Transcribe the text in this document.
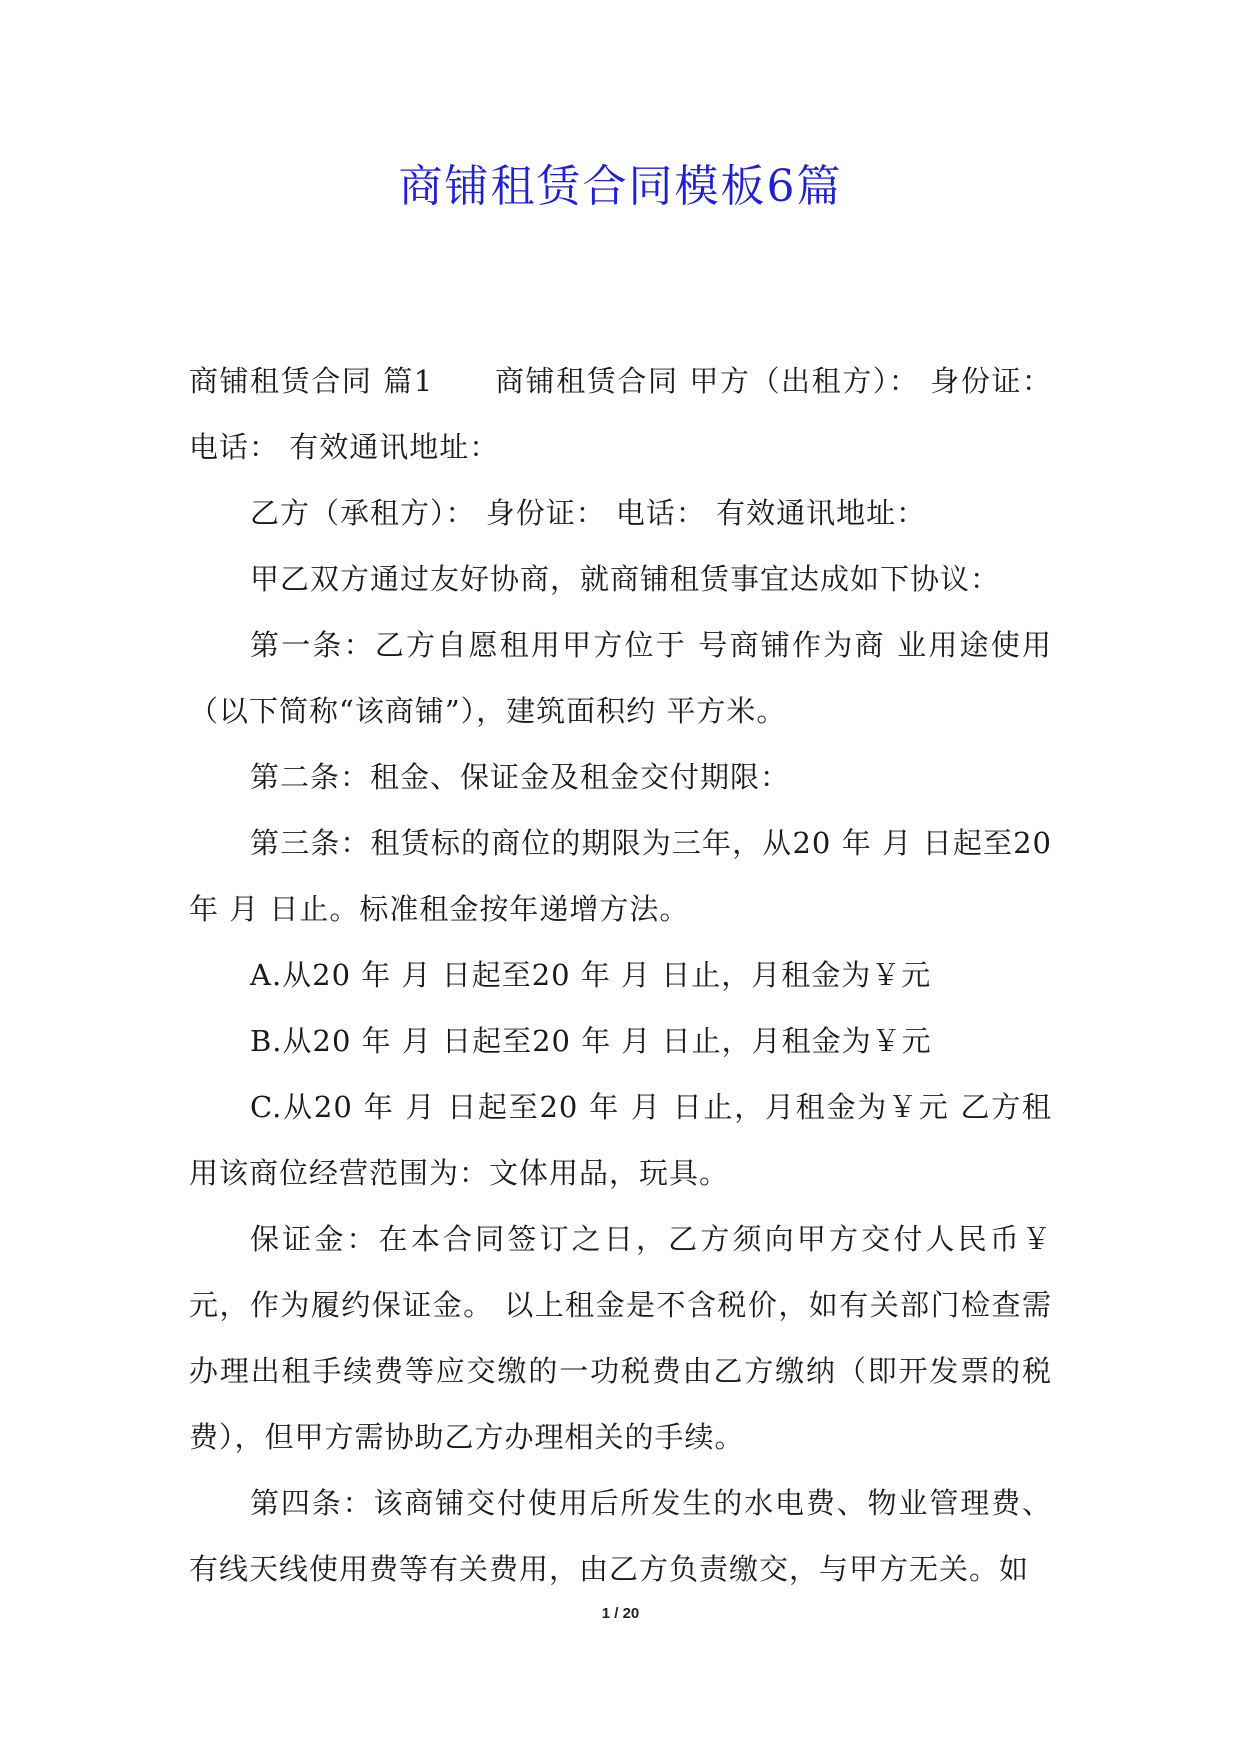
商铺租赁合同模板6篇

商铺租赁合同 篇1　　商铺租赁合同 甲方（出租方）： 身份证：电话： 有效通讯地址：

乙方（承租方）： 身份证： 电话： 有效通讯地址：

甲乙双方通过友好协商，就商铺租赁事宜达成如下协议：

第一条：乙方自愿租用甲方位于 号商铺作为商 业用途使用（以下简称“该商铺”），建筑面积约 平方米。

第二条：租金、保证金及租金交付期限：

第三条：租赁标的商位的期限为三年，从20 年 月 日起至20 年 月 日止。标准租金按年递增方法。

A.从20 年 月 日起至20 年 月 日止，月租金为￥元

B.从20 年 月 日起至20 年 月 日止，月租金为￥元

C.从20 年 月 日起至20 年 月 日止，月租金为￥元 乙方租用该商位经营范围为：文体用品，玩具。

保证金：在本合同签订之日，乙方须向甲方交付人民币￥ 元，作为履约保证金。 以上租金是不含税价，如有关部门检查需办理出租手续费等应交缴的一功税费由乙方缴纳（即开发票的税费），但甲方需协助乙方办理相关的手续。

第四条：该商铺交付使用后所发生的水电费、物业管理费、有线天线使用费等有关费用，由乙方负责缴交，与甲方无关。如

1 / 20
